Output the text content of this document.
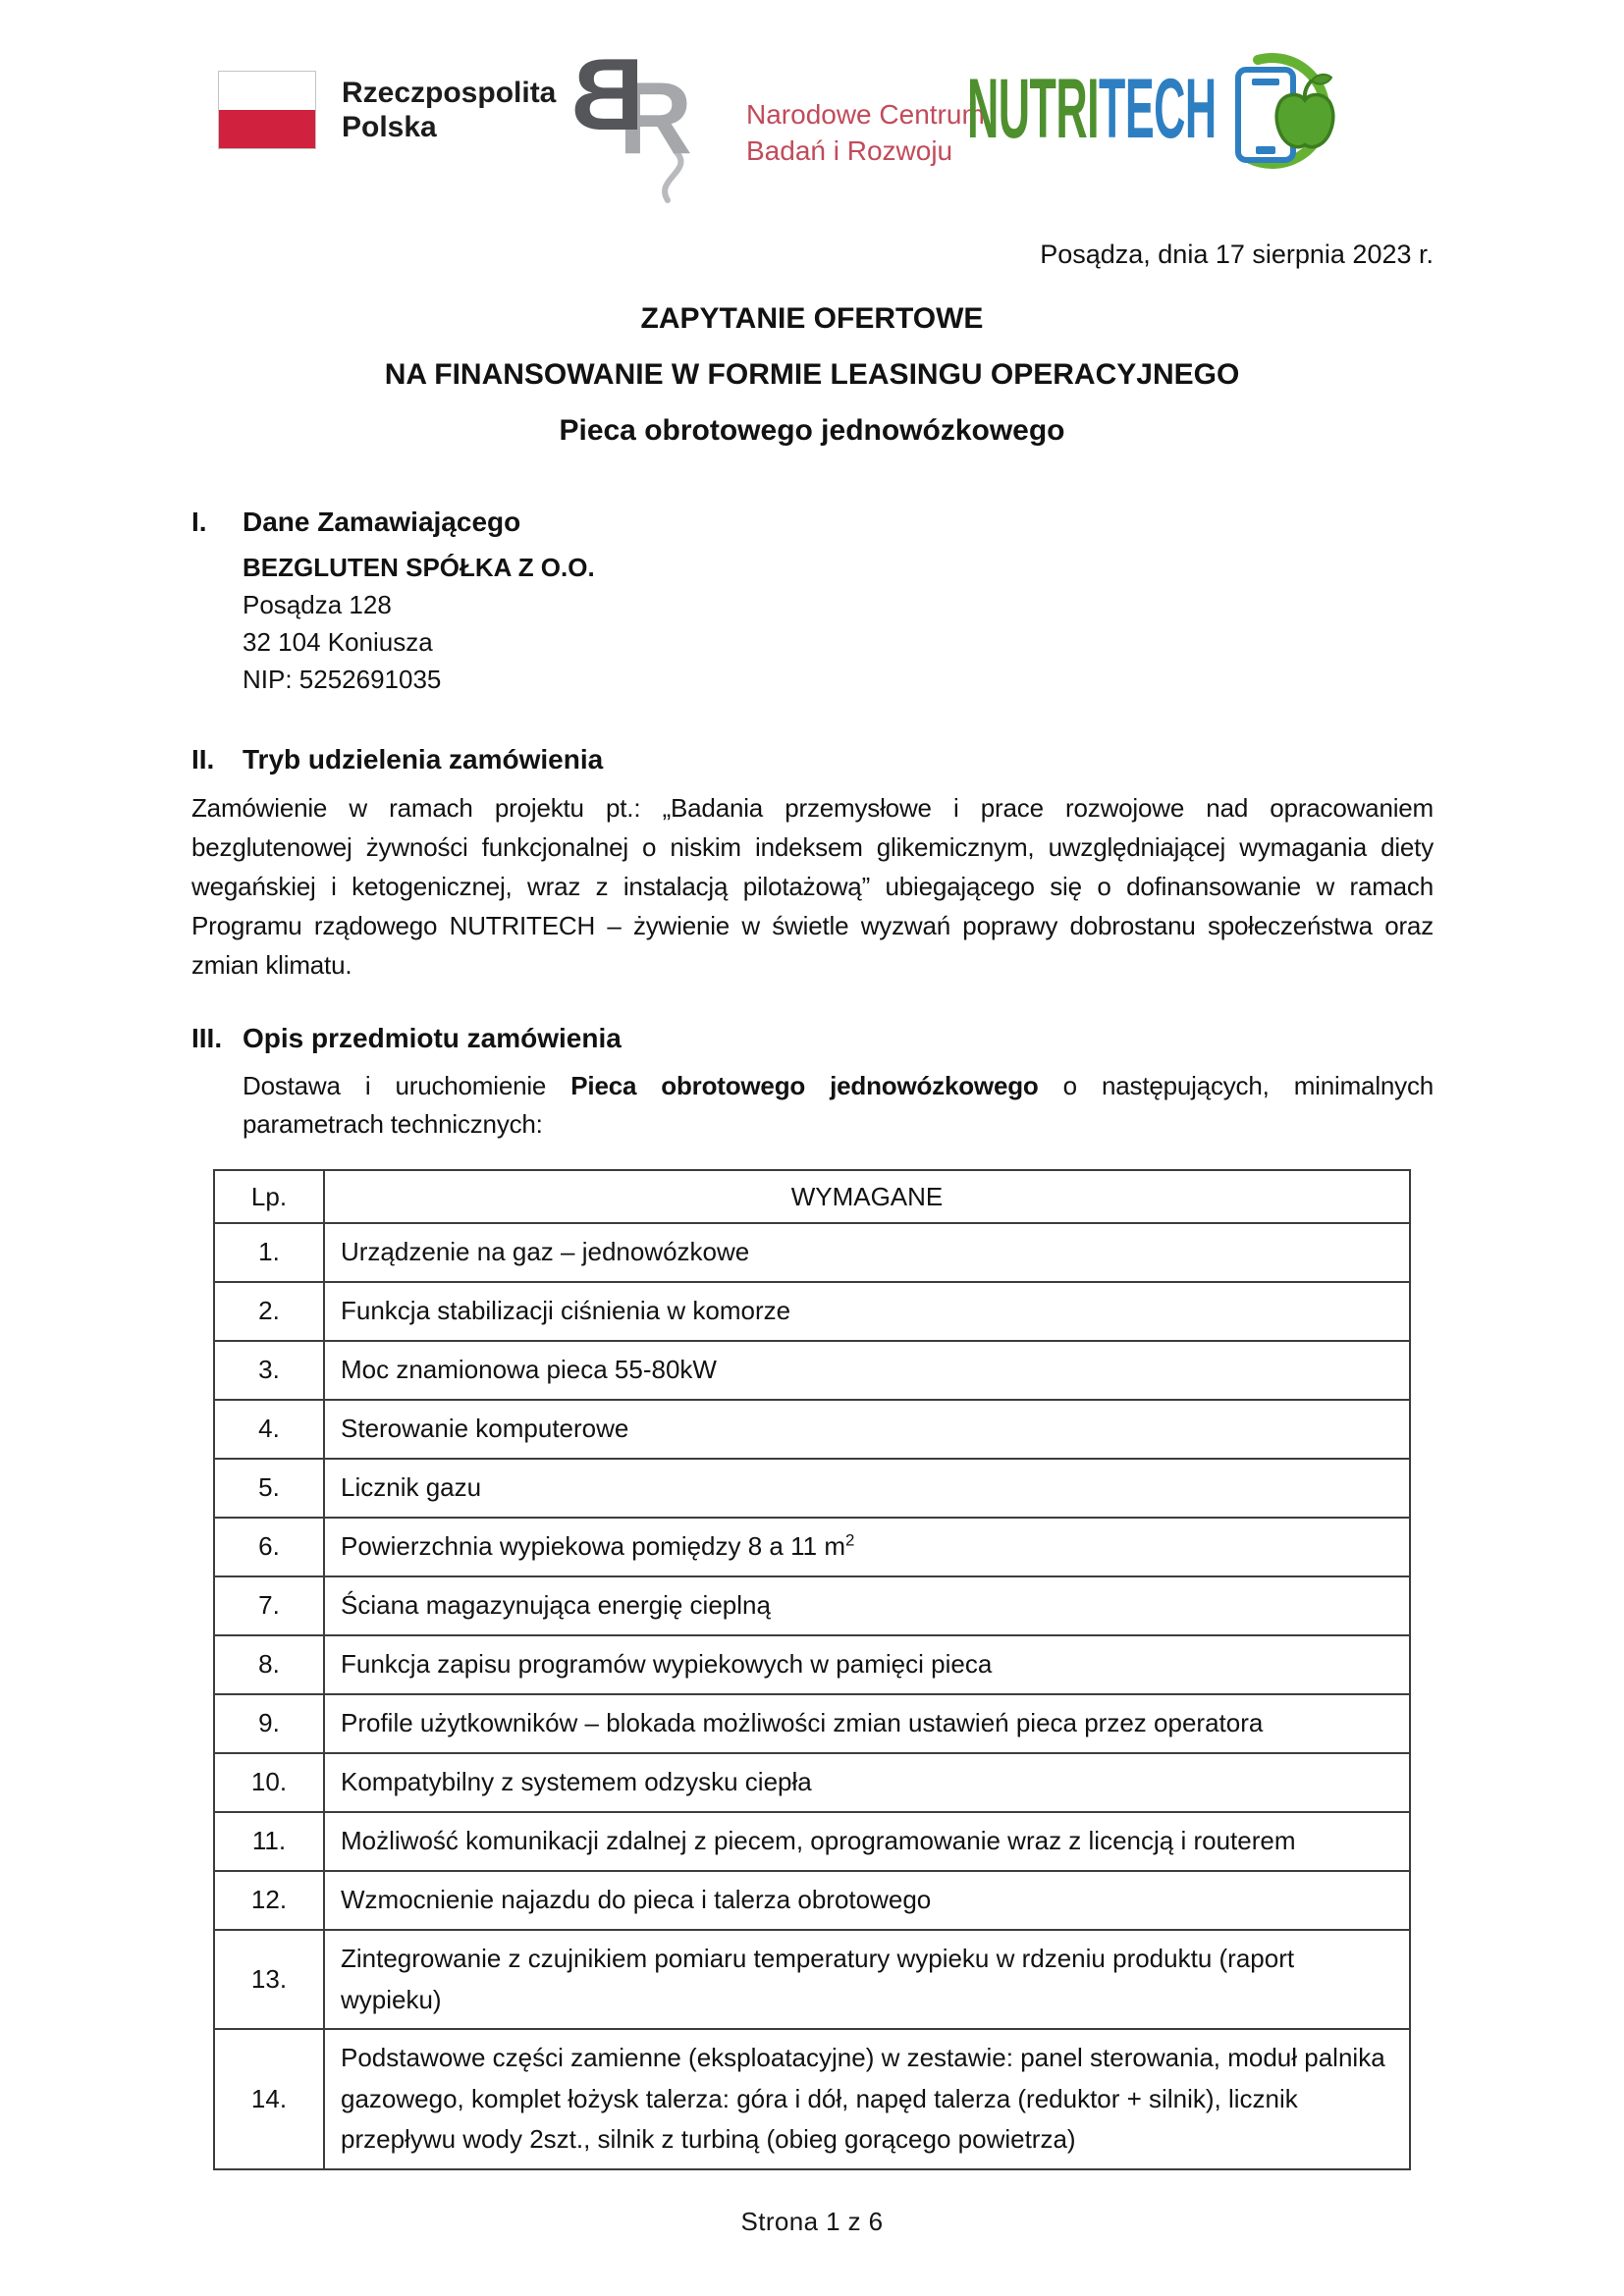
Rzeczpospolita
Polska	R
B	Narodowe Centrum
Badań i Rozwoju NUTRITECH
Posądza, dnia 17 sierpnia 2023 r.
ZAPYTANIE OFERTOWE
NA FINANSOWANIE W FORMIE LEASINGU OPERACYJNEGO
Pieca obrotowego jednowózkowego
I.	Dane Zamawiającego
BEZGLUTEN SPÓŁKA Z O.O.
Posądza 128
32 104 Koniusza
NIP: 5252691035
II.	Tryb udzielenia zamówienia

Zamówienie w ramach projektu pt.: „Badania przemysłowe i prace rozwojowe nad opracowaniem bezglutenowej żywności funkcjonalnej o niskim indeksem glikemicznym, uwzględniającej wymagania diety wegańskiej i ketogenicznej, wraz z instalacją pilotażową” ubiegającego się o dofinansowanie w ramach Programu rządowego NUTRITECH – żywienie w świetle wyzwań poprawy dobrostanu społeczeństwa oraz zmian klimatu.

III. Opis przedmiotu zamówienia

Dostawa i uruchomienie Pieca obrotowego jednowózkowego o następujących, minimalnych parametrach technicznych:

Lp.	WYMAGANE
1.	Urządzenie na gaz – jednowózkowe
2.	Funkcja stabilizacji ciśnienia w komorze
3.	Moc znamionowa pieca 55-80kW
4.	Sterowanie komputerowe
5.	Licznik gazu
6.	Powierzchnia wypiekowa pomiędzy 8 a 11 $m^2$
7.	Ściana magazynująca energię cieplną
8.	Funkcja zapisu programów wypiekowych w pamięci pieca
9.	Profile użytkowników – blokada możliwości zmian ustawień pieca przez operatora
10.	Kompatybilny z systemem odzysku ciepła
11.	Możliwość komunikacji zdalnej z piecem, oprogramowanie wraz z licencją i routerem
12.	Wzmocnienie najazdu do pieca i talerza obrotowego
13.	Zintegrowanie z czujnikiem pomiaru temperatury wypieku w rdzeniu produktu (raport wypieku)
14.	Podstawowe części zamienne (eksploatacyjne) w zestawie: panel sterowania, moduł palnika gazowego, komplet łożysk talerza: góra i dół, napęd talerza (reduktor + silnik), licznik przepływu wody 2szt., silnik z turbiną (obieg gorącego powietrza)
Strona 1 z 6
